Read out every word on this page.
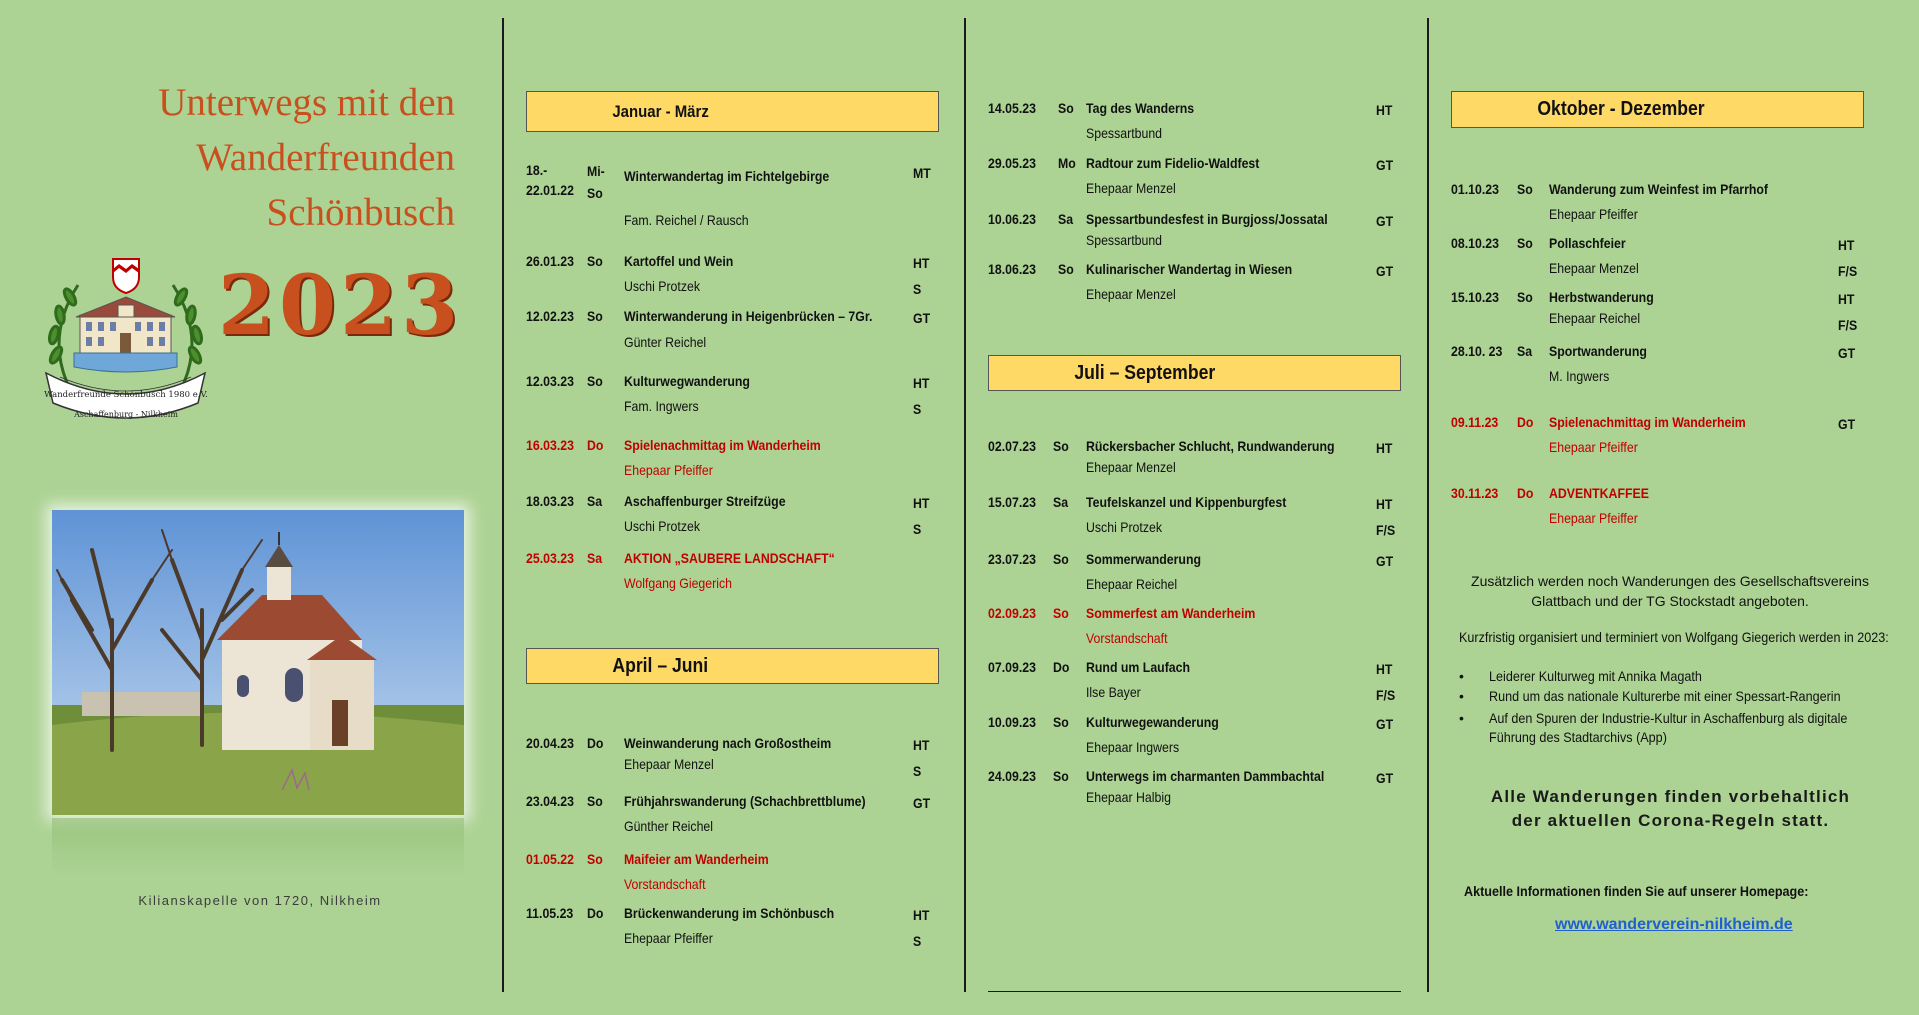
Unterwegs mit den
Wanderfreunden
Schönbusch
Wanderfreunde Schönbusch 1980 e.V.
Aschaffenburg - Nilkheim
2023
Kilianskapelle von 1720, Nilkheim
Januar - März
April – Juni
Juli – September
Oktober - Dezember
18.-
22.01.22
Mi-
So
Winterwandertag im Fichtelgebirge
Fam. Reichel / Rausch
MT
26.01.23 So Kartoffel und Wein
Uschi Protzek
HT
S
12.02.23 So Winterwanderung in Heigenbrücken – 7Gr.
Günter Reichel
GT
12.03.23 So Kulturwegwanderung
Fam. Ingwers
HT
S
16.03.23 Do Spielenachmittag im Wanderheim
Ehepaar Pfeiffer
18.03.23 Sa Aschaffenburger Streifzüge
Uschi Protzek
HT
S
25.03.23 Sa AKTION „SAUBERE LANDSCHAFT“
Wolfgang Giegerich
20.04.23 Do Weinwanderung nach Großostheim
Ehepaar Menzel
HT
S
23.04.23 So Frühjahrswanderung (Schachbrettblume)
Günther Reichel
GT
01.05.22 So Maifeier am Wanderheim
Vorstandschaft
11.05.23 Do Brückenwanderung im Schönbusch
Ehepaar Pfeiffer
HT
S
14.05.23 So Tag des Wanderns
Spessartbund
HT
29.05.23 Mo Radtour zum Fidelio-Waldfest
Ehepaar Menzel
GT
10.06.23 Sa Spessartbundesfest in Burgjoss/Jossatal
Spessartbund
GT
18.06.23 So Kulinarischer Wandertag in Wiesen
Ehepaar Menzel
GT
02.07.23 So Rückersbacher Schlucht, Rundwanderung
Ehepaar Menzel
HT
15.07.23 Sa Teufelskanzel und Kippenburgfest
Uschi Protzek
HT
F/S
23.07.23 So Sommerwanderung
Ehepaar Reichel
GT
02.09.23 So Sommerfest am Wanderheim
Vorstandschaft
07.09.23 Do Rund um Laufach
Ilse Bayer
HT
F/S
10.09.23 So Kulturwegewanderung
Ehepaar Ingwers
GT
24.09.23 So Unterwegs im charmanten Dammbachtal
Ehepaar Halbig
GT
01.10.23 So Wanderung zum Weinfest im Pfarrhof
Ehepaar Pfeiffer
08.10.23 So Pollaschfeier
Ehepaar Menzel
HT
F/S
15.10.23 So Herbstwanderung
Ehepaar Reichel
HT
F/S
28.10. 23 Sa Sportwanderung
M. Ingwers
GT
09.11.23 Do Spielenachmittag im Wanderheim
Ehepaar Pfeiffer
GT
30.11.23 Do ADVENTKAFFEE
Ehepaar Pfeiffer
Zusätzlich werden noch Wanderungen des Gesellschaftsvereins Glattbach und der TG Stockstadt angeboten.
Kurzfristig organisiert und terminiert von Wolfgang Giegerich werden in 2023:
• Leiderer Kulturweg mit Annika Magath
• Rund um das nationale Kulturerbe mit einer Spessart-Rangerin
• Auf den Spuren der Industrie-Kultur in Aschaffenburg als digitale
Führung des Stadtarchivs (App)
Alle Wanderungen finden vorbehaltlich
der aktuellen Corona-Regeln statt.
Aktuelle Informationen finden Sie auf unserer Homepage:
www.wanderverein-nilkheim.de
